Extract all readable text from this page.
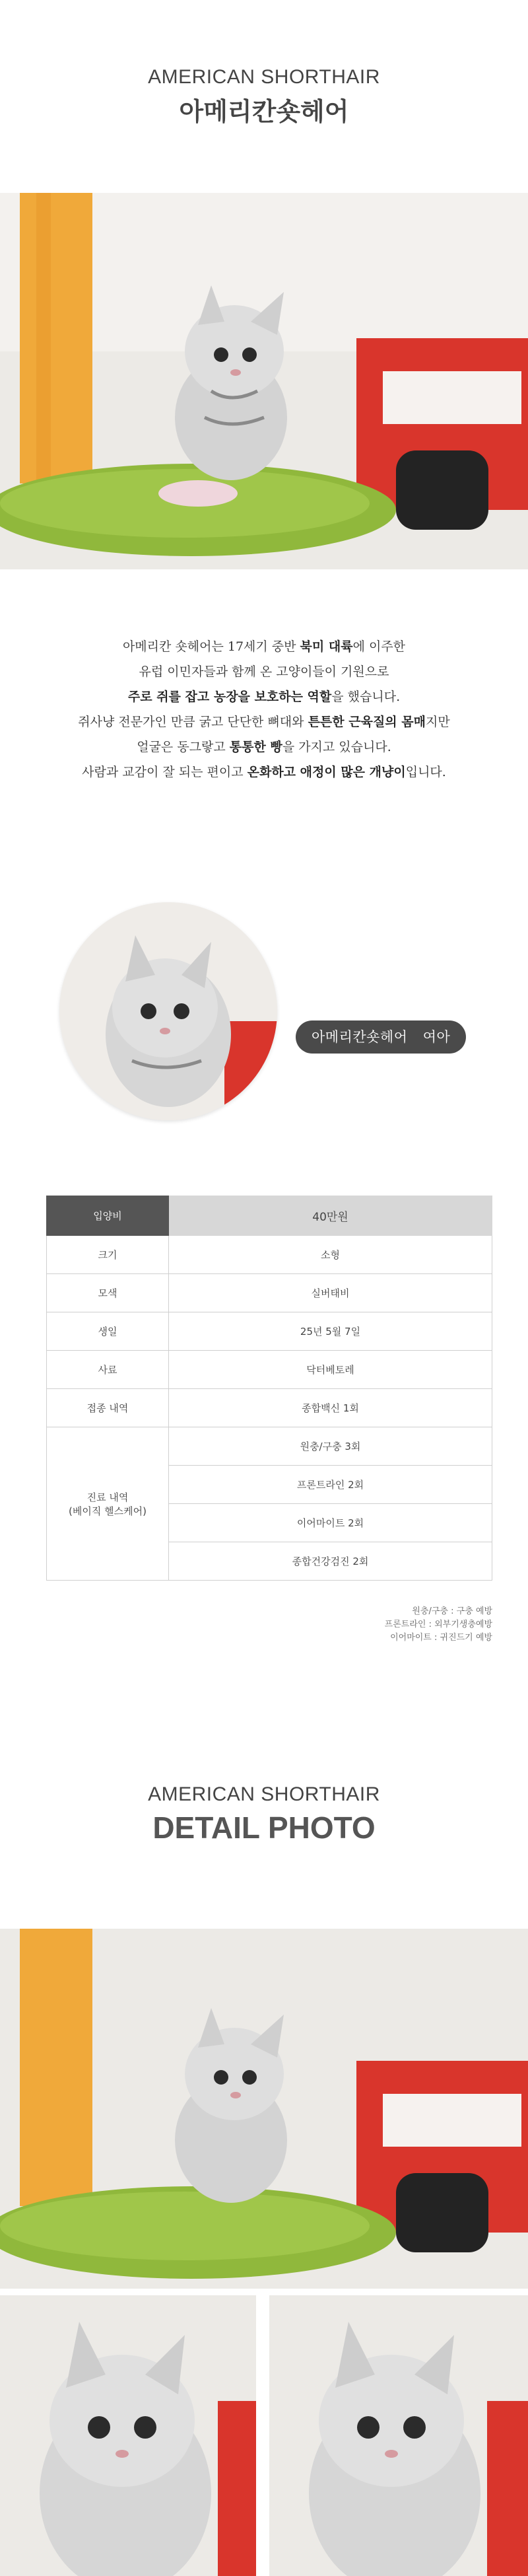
AMERICAN SHORTHAIR
아메리칸숏헤어
아메리칸 숏헤어는 17세기 중반 북미 대륙에 이주한
유럽 이민자들과 함께 온 고양이들이 기원으로
주로 쥐를 잡고 농장을 보호하는 역할을 했습니다.
쥐사냥 전문가인 만큼 굵고 단단한 뼈대와 튼튼한 근육질의 몸매지만
얼굴은 동그랗고 통통한 빵을 가지고 있습니다.
사람과 교감이 잘 되는 편이고 온화하고 애정이 많은 개냥이입니다.
아메리칸숏헤어 여아
입양비	40만원
크기	소형
모색	실버태비
생일	25년 5월 7일
사료	닥터베토레
접종 내역	종합백신 1회

진료 내역
(베이직 헬스케어)	원충/구충 3회
	프론트라인 2회
	이어마이트 2회
	종합건강검진 2회
원충/구충 : 구충 예방
프론트라인 : 외부기생충예방
이어마이트 : 귀진드기 예방
AMERICAN SHORTHAIR
DETAIL PHOTO
